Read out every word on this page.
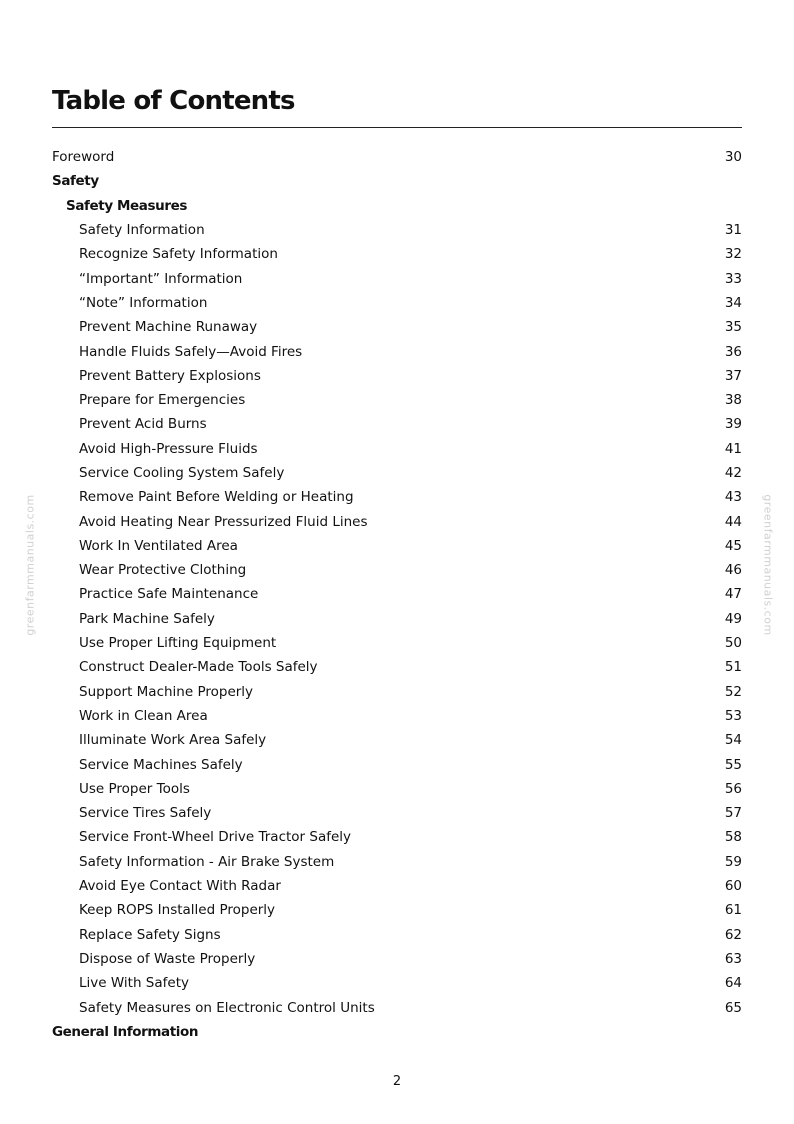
Table of Contents
Foreword	30
Safety
Safety Measures
Safety Information	31
Recognize Safety Information	32
“Important” Information	33
“Note” Information	34
Prevent Machine Runaway	35
Handle Fluids Safely—Avoid Fires	36
Prevent Battery Explosions	37
Prepare for Emergencies	38
Prevent Acid Burns	39
Avoid High-Pressure Fluids	41
Service Cooling System Safely	42
Remove Paint Before Welding or Heating	43
Avoid Heating Near Pressurized Fluid Lines	44
Work In Ventilated Area	45
Wear Protective Clothing	46
Practice Safe Maintenance	47
Park Machine Safely	49
Use Proper Lifting Equipment	50
Construct Dealer-Made Tools Safely	51
Support Machine Properly	52
Work in Clean Area	53
Illuminate Work Area Safely	54
Service Machines Safely	55
Use Proper Tools	56
Service Tires Safely	57
Service Front-Wheel Drive Tractor Safely	58
Safety Information - Air Brake System	59
Avoid Eye Contact With Radar	60
Keep ROPS Installed Properly	61
Replace Safety Signs	62
Dispose of Waste Properly	63
Live With Safety	64
Safety Measures on Electronic Control Units	65
General Information
2
greenfarmmanuals.com	greenfarmmanuals.com
